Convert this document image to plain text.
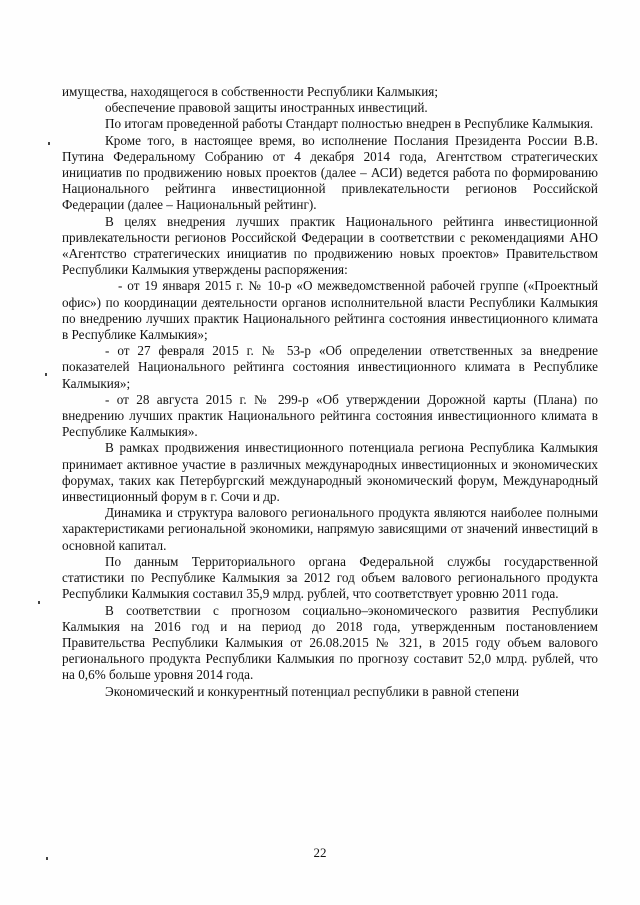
имущества, находящегося в собственности Республики Калмыкия;

обеспечение правовой защиты иностранных инвестиций.

По итогам проведенной работы Стандарт полностью внедрен в Республике Калмыкия.

Кроме того, в настоящее время, во исполнение Послания Президента России В.В. Путина Федеральному Собранию от 4 декабря 2014 года, Агентством стратегических инициатив по продвижению новых проектов (далее – АСИ) ведется работа по формированию Национального рейтинга инвестиционной привлекательности регионов Российской Федерации (далее – Национальный рейтинг).

В целях внедрения лучших практик Национального рейтинга инвестиционной привлекательности регионов Российской Федерации в соответствии с рекомендациями АНО «Агентство стратегических инициатив по продвижению новых проектов» Правительством Республики Калмыкия утверждены распоряжения:

- от 19 января 2015 г. № 10-р «О межведомственной рабочей группе («Проектный офис») по координации деятельности органов исполнительной власти Республики Калмыкия по внедрению лучших практик Национального рейтинга состояния инвестиционного климата в Республике Калмыкия»;

- от 27 февраля 2015 г. № 53-р «Об определении ответственных за внедрение показателей Национального рейтинга состояния инвестиционного климата в Республике Калмыкия»;

- от 28 августа 2015 г. № 299-р «Об утверждении Дорожной карты (Плана) по внедрению лучших практик Национального рейтинга состояния инвестиционного климата в Республике Калмыкия».

В рамках продвижения инвестиционного потенциала региона Республика Калмыкия принимает активное участие в различных международных инвестиционных и экономических форумах, таких как Петербургский международный экономический форум, Международный инвестиционный форум в г. Сочи и др.

Динамика и структура валового регионального продукта являются наиболее полными характеристиками региональной экономики, напрямую зависящими от значений инвестиций в основной капитал.

По данным Территориального органа Федеральной службы государственной статистики по Республике Калмыкия за 2012 год объем валового регионального продукта Республики Калмыкия составил 35,9 млрд. рублей, что соответствует уровню 2011 года.

В соответствии с прогнозом социально–экономического развития Республики Калмыкия на 2016 год и на период до 2018 года, утвержденным постановлением Правительства Республики Калмыкия от 26.08.2015 № 321, в 2015 году объем валового регионального продукта Республики Калмыкия по прогнозу составит 52,0 млрд. рублей, что на 0,6% больше уровня 2014 года.

Экономический и конкурентный потенциал республики в равной степени

22
